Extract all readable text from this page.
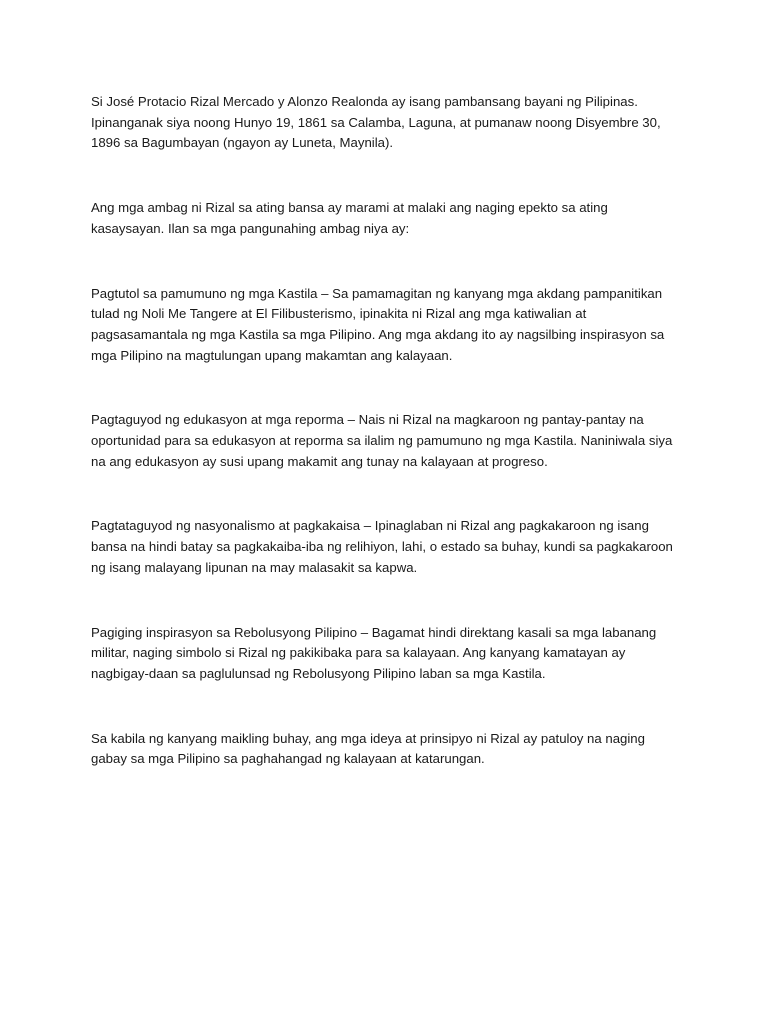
Si José Protacio Rizal Mercado y Alonzo Realonda ay isang pambansang bayani ng Pilipinas. Ipinanganak siya noong Hunyo 19, 1861 sa Calamba, Laguna, at pumanaw noong Disyembre 30, 1896 sa Bagumbayan (ngayon ay Luneta, Maynila).

Ang mga ambag ni Rizal sa ating bansa ay marami at malaki ang naging epekto sa ating kasaysayan. Ilan sa mga pangunahing ambag niya ay:

Pagtutol sa pamumuno ng mga Kastila – Sa pamamagitan ng kanyang mga akdang pampanitikan tulad ng Noli Me Tangere at El Filibusterismo, ipinakita ni Rizal ang mga katiwalian at pagsasamantala ng mga Kastila sa mga Pilipino. Ang mga akdang ito ay nagsilbing inspirasyon sa mga Pilipino na magtulungan upang makamtan ang kalayaan.

Pagtaguyod ng edukasyon at mga reporma – Nais ni Rizal na magkaroon ng pantay-pantay na oportunidad para sa edukasyon at reporma sa ilalim ng pamumuno ng mga Kastila. Naniniwala siya na ang edukasyon ay susi upang makamit ang tunay na kalayaan at progreso.

Pagtataguyod ng nasyonalismo at pagkakaisa – Ipinaglaban ni Rizal ang pagkakaroon ng isang bansa na hindi batay sa pagkakaiba-iba ng relihiyon, lahi, o estado sa buhay, kundi sa pagkakaroon ng isang malayang lipunan na may malasakit sa kapwa.

Pagiging inspirasyon sa Rebolusyong Pilipino – Bagamat hindi direktang kasali sa mga labanang militar, naging simbolo si Rizal ng pakikibaka para sa kalayaan. Ang kanyang kamatayan ay nagbigay-daan sa paglulunsad ng Rebolusyong Pilipino laban sa mga Kastila.

Sa kabila ng kanyang maikling buhay, ang mga ideya at prinsipyo ni Rizal ay patuloy na naging gabay sa mga Pilipino sa paghahangad ng kalayaan at katarungan.
